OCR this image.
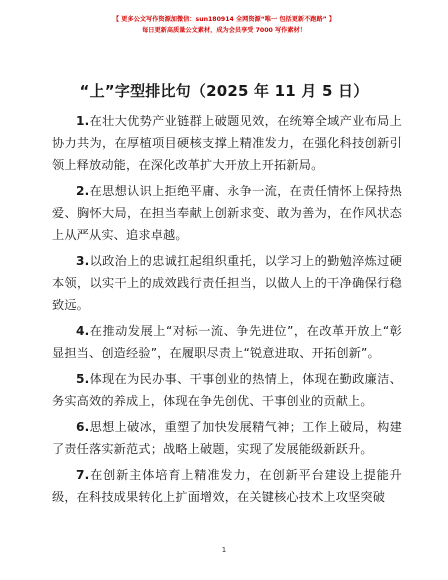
【 更多公文写作资源加微信：sun180914 全网资源“唯一 包括更新不跑路” 】
每日更新高质量公文素材，成为会员享受 7000 写作素材！
“上”字型排比句（2025 年 11 月 5 日）

1.在壮大优势产业链群上破题见效，在统筹全域产业布局上协力共为，在厚植项目硬核支撑上精准发力，在强化科技创新引领上释放动能，在深化改革扩大开放上开拓新局。

2.在思想认识上拒绝平庸、永争一流，在责任情怀上保持热爱、胸怀大局，在担当奉献上创新求变、敢为善为，在作风状态上从严从实、追求卓越。

3.以政治上的忠诚扛起组织重托，以学习上的勤勉淬炼过硬本领，以实干上的成效践行责任担当，以做人上的干净确保行稳致远。

4.在推动发展上“对标一流、争先进位”，在改革开放上“彰显担当、创造经验”，在履职尽责上“锐意进取、开拓创新”。

5.体现在为民办事、干事创业的热情上，体现在勤政廉洁、务实高效的养成上，体现在争先创优、干事创业的贡献上。

6.思想上破冰，重塑了加快发展精气神；工作上破局，构建了责任落实新范式；战略上破题，实现了发展能级新跃升。

7.在创新主体培育上精准发力，在创新平台建设上提能升级，在科技成果转化上扩面增效，在关键核心技术上攻坚突破

1
